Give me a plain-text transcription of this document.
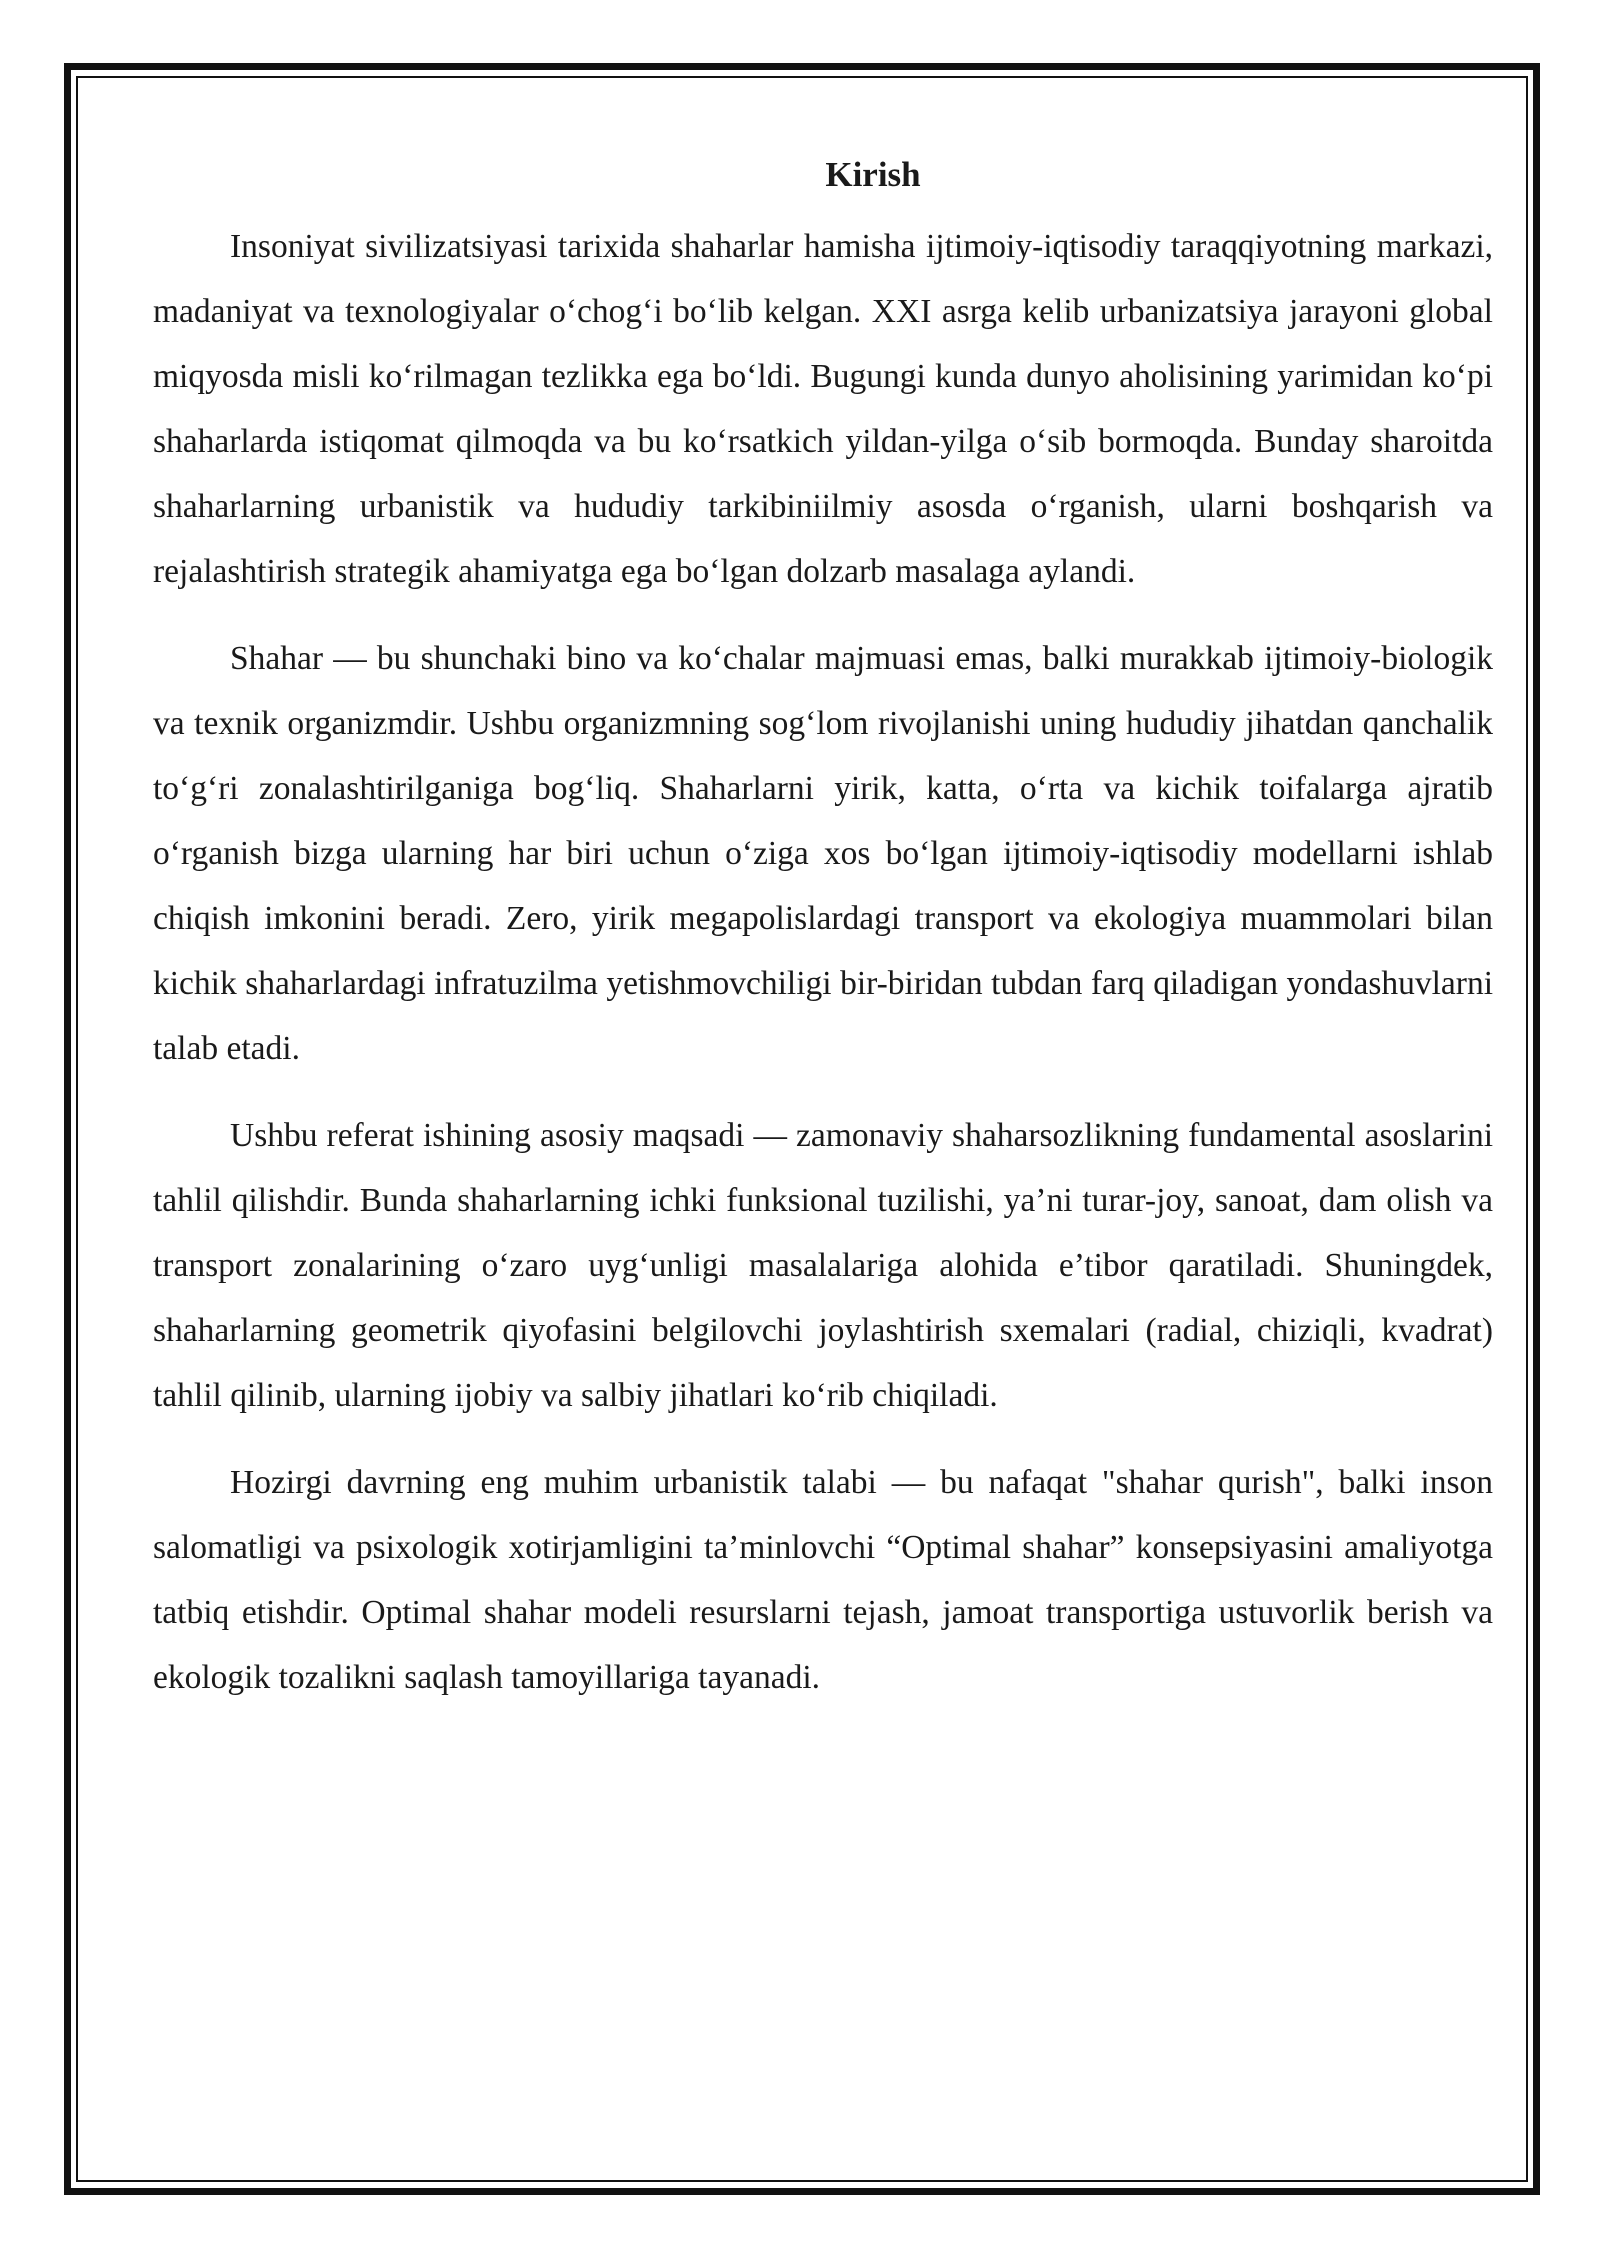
Kirish

Insoniyat sivilizatsiyasi tarixida shaharlar hamisha ijtimoiy-iqtisodiy taraqqiyotning markazi, madaniyat va texnologiyalar o‘chog‘i bo‘lib kelgan. XXI asrga kelib urbanizatsiya jarayoni global miqyosda misli ko‘rilmagan tezlikka ega bo‘ldi. Bugungi kunda dunyo aholisining yarimidan ko‘pi shaharlarda istiqomat qilmoqda va bu ko‘rsatkich yildan-yilga o‘sib bormoqda. Bunday sharoitda shaharlarning urbanistik va hududiy tarkibiniilmiy asosda o‘rganish, ularni boshqarish va rejalashtirish strategik ahamiyatga ega bo‘lgan dolzarb masalaga aylandi.

Shahar — bu shunchaki bino va ko‘chalar majmuasi emas, balki murakkab ijtimoiy-biologik va texnik organizmdir. Ushbu organizmning sog‘lom rivojlanishi uning hududiy jihatdan qanchalik to‘g‘ri zonalashtirilganiga bog‘liq. Shaharlarni yirik, katta, o‘rta va kichik toifalarga ajratib o‘rganish bizga ularning har biri uchun o‘ziga xos bo‘lgan ijtimoiy-iqtisodiy modellarni ishlab chiqish imkonini beradi. Zero, yirik megapolislardagi transport va ekologiya muammolari bilan kichik shaharlardagi infratuzilma yetishmovchiligi bir-biridan tubdan farq qiladigan yondashuvlarni talab etadi.

Ushbu referat ishining asosiy maqsadi — zamonaviy shaharsozlikning fundamental asoslarini tahlil qilishdir. Bunda shaharlarning ichki funksional tuzilishi, ya’ni turar-joy, sanoat, dam olish va transport zonalarining o‘zaro uyg‘unligi masalalariga alohida e’tibor qaratiladi. Shuningdek, shaharlarning geometrik qiyofasini belgilovchi joylashtirish sxemalari (radial, chiziqli, kvadrat) tahlil qilinib, ularning ijobiy va salbiy jihatlari ko‘rib chiqiladi.

Hozirgi davrning eng muhim urbanistik talabi — bu nafaqat "shahar qurish", balki inson salomatligi va psixologik xotirjamligini ta’minlovchi “Optimal shahar” konsepsiyasini amaliyotga tatbiq etishdir. Optimal shahar modeli resurslarni tejash, jamoat transportiga ustuvorlik berish va ekologik tozalikni saqlash tamoyillariga tayanadi.
